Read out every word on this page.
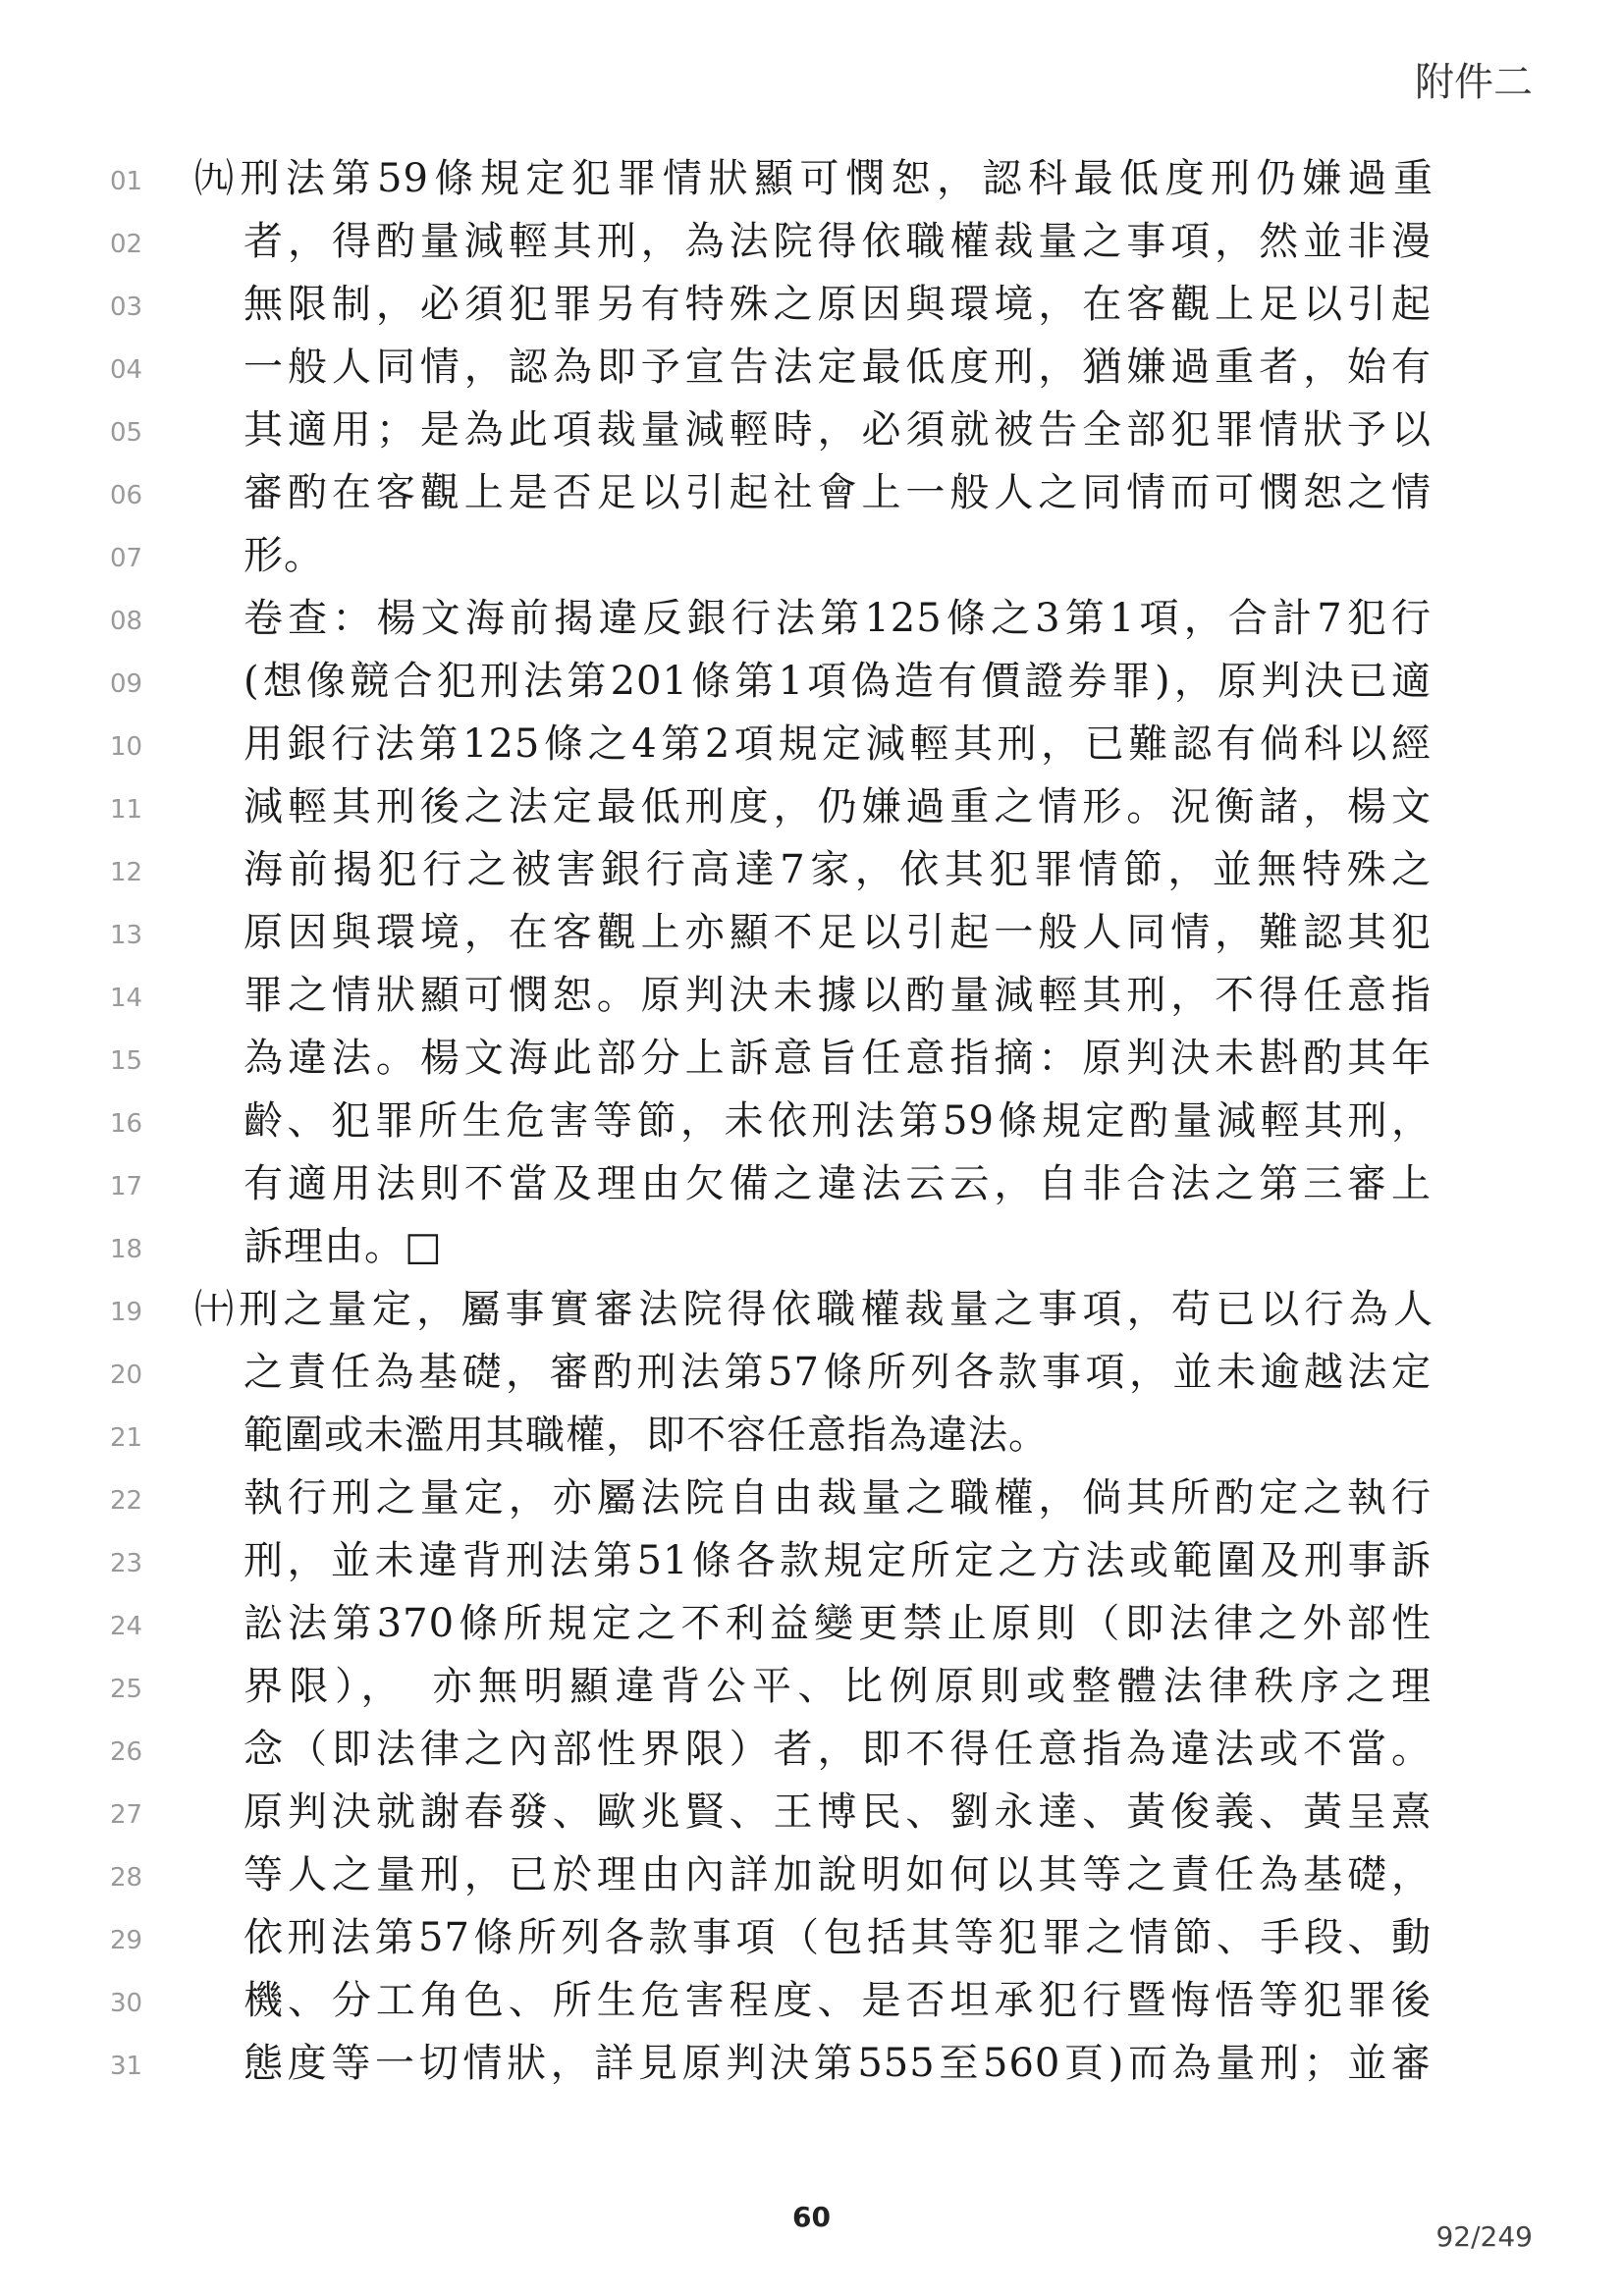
附件二
01 ㈨刑法第59條規定犯罪情狀顯可憫恕，認科最低度刑仍嫌過重
02	者，得酌量減輕其刑，為法院得依職權裁量之事項，然並非漫
03	無限制，必須犯罪另有特殊之原因與環境，在客觀上足以引起
04	一般人同情，認為即予宣告法定最低度刑，猶嫌過重者，始有
05	其適用；是為此項裁量減輕時，必須就被告全部犯罪情狀予以
06	審酌在客觀上是否足以引起社會上一般人之同情而可憫恕之情
07	形。
08	卷查：楊文海前揭違反銀行法第125條之3第1項，合計7犯行
09	(想像競合犯刑法第201條第1項偽造有價證券罪)，原判決已適
10	用銀行法第125條之4第2項規定減輕其刑，已難認有倘科以經
11	減輕其刑後之法定最低刑度，仍嫌過重之情形。況衡諸，楊文
12	海前揭犯行之被害銀行高達7家，依其犯罪情節，並無特殊之
13	原因與環境，在客觀上亦顯不足以引起一般人同情，難認其犯
14	罪之情狀顯可憫恕。原判決未據以酌量減輕其刑，不得任意指
15	為違法。楊文海此部分上訴意旨任意指摘：原判決未斟酌其年
16	齡、犯罪所生危害等節，未依刑法第59條規定酌量減輕其刑，
17	有適用法則不當及理由欠備之違法云云，自非合法之第三審上
18	訴理由。□
19 ㈩刑之量定，屬事實審法院得依職權裁量之事項，苟已以行為人
20	之責任為基礎，審酌刑法第57條所列各款事項，並未逾越法定
21	範圍或未濫用其職權，即不容任意指為違法。
22	執行刑之量定，亦屬法院自由裁量之職權，倘其所酌定之執行
23	刑，並未違背刑法第51條各款規定所定之方法或範圍及刑事訴
24	訟法第370條所規定之不利益變更禁止原則（即法律之外部性
25	界限），　亦無明顯違背公平、比例原則或整體法律秩序之理
26	念（即法律之內部性界限）者，即不得任意指為違法或不當。
27	原判決就謝春發、歐兆賢、王博民、劉永達、黃俊義、黃呈熹
28	等人之量刑，已於理由內詳加說明如何以其等之責任為基礎，
29	依刑法第57條所列各款事項（包括其等犯罪之情節、手段、動
30	機、分工角色、所生危害程度、是否坦承犯行暨悔悟等犯罪後
31	態度等一切情狀，詳見原判決第555至560頁)而為量刑；並審
60
92/249
